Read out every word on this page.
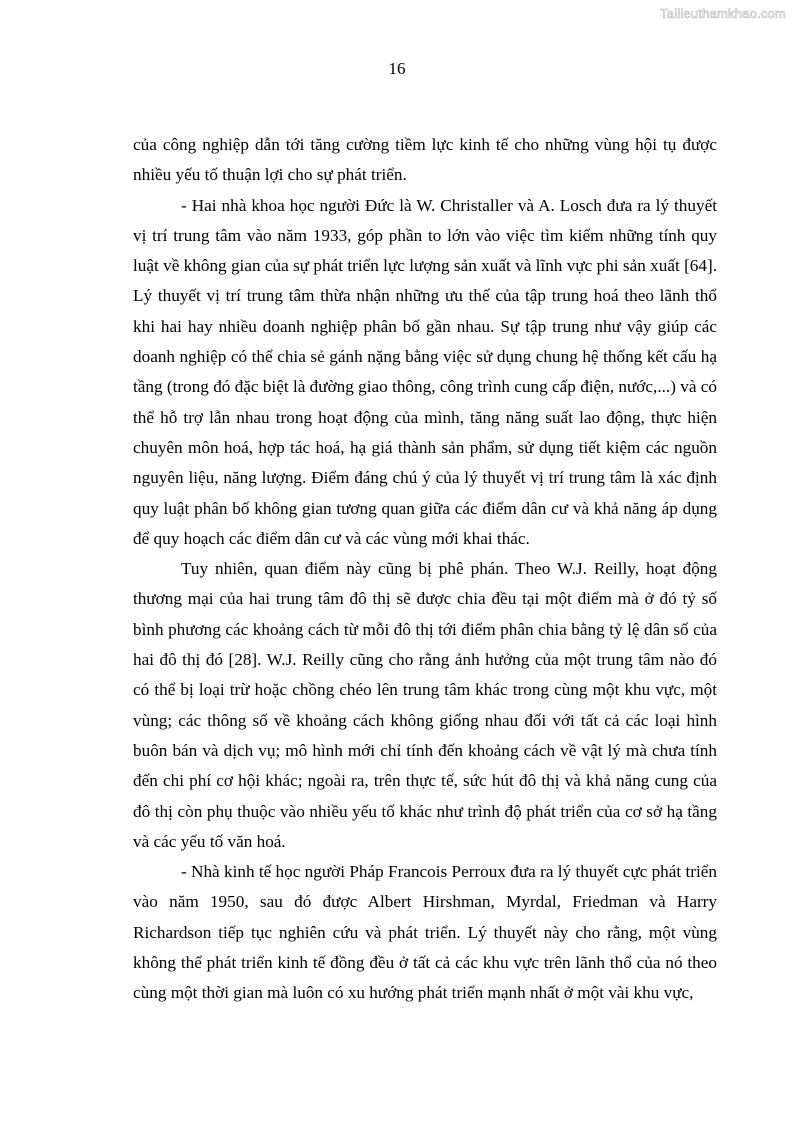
Tailieuthamkhao.com
16

của công nghiệp dẫn tới tăng cường tiềm lực kinh tế cho những vùng hội tụ được nhiều yếu tố thuận lợi cho sự phát triển.

- Hai nhà khoa học người Đức là W. Christaller và A. Losch đưa ra lý thuyết vị trí trung tâm vào năm 1933, góp phần to lớn vào việc tìm kiếm những tính quy luật về không gian của sự phát triển lực lượng sản xuất và lĩnh vực phi sản xuất [64]. Lý thuyết vị trí trung tâm thừa nhận những ưu thế của tập trung hoá theo lãnh thổ khi hai hay nhiều doanh nghiệp phân bố gần nhau. Sự tập trung như vậy giúp các doanh nghiệp có thể chia sẻ gánh nặng bằng việc sử dụng chung hệ thống kết cấu hạ tầng (trong đó đặc biệt là đường giao thông, công trình cung cấp điện, nước,...) và có thể hỗ trợ lẫn nhau trong hoạt động của mình, tăng năng suất lao động, thực hiện chuyên môn hoá, hợp tác hoá, hạ giá thành sản phẩm, sử dụng tiết kiệm các nguồn nguyên liệu, năng lượng. Điểm đáng chú ý của lý thuyết vị trí trung tâm là xác định quy luật phân bố không gian tương quan giữa các điểm dân cư và khả năng áp dụng để quy hoạch các điểm dân cư và các vùng mới khai thác.

Tuy nhiên, quan điểm này cũng bị phê phán. Theo W.J. Reilly, hoạt động thương mại của hai trung tâm đô thị sẽ được chia đều tại một điểm mà ở đó tỷ số bình phương các khoảng cách từ mỗi đô thị tới điểm phân chia bằng tỷ lệ dân số của hai đô thị đó [28]. W.J. Reilly cũng cho rằng ảnh hưởng của một trung tâm nào đó có thể bị loại trừ hoặc chồng chéo lên trung tâm khác trong cùng một khu vực, một vùng; các thông số về khoảng cách không giống nhau đối với tất cả các loại hình buôn bán và dịch vụ; mô hình mới chỉ tính đến khoảng cách về vật lý mà chưa tính đến chi phí cơ hội khác; ngoài ra, trên thực tế, sức hút đô thị và khả năng cung của đô thị còn phụ thuộc vào nhiều yếu tố khác như trình độ phát triển của cơ sở hạ tầng và các yếu tố văn hoá.

- Nhà kinh tế học người Pháp Francois Perroux đưa ra lý thuyết cực phát triển vào năm 1950, sau đó được Albert Hirshman, Myrdal, Friedman và Harry Richardson tiếp tục nghiên cứu và phát triển. Lý thuyết này cho rằng, một vùng không thể phát triển kinh tế đồng đều ở tất cả các khu vực trên lãnh thổ của nó theo cùng một thời gian mà luôn có xu hướng phát triển mạnh nhất ở một vài khu vực,
